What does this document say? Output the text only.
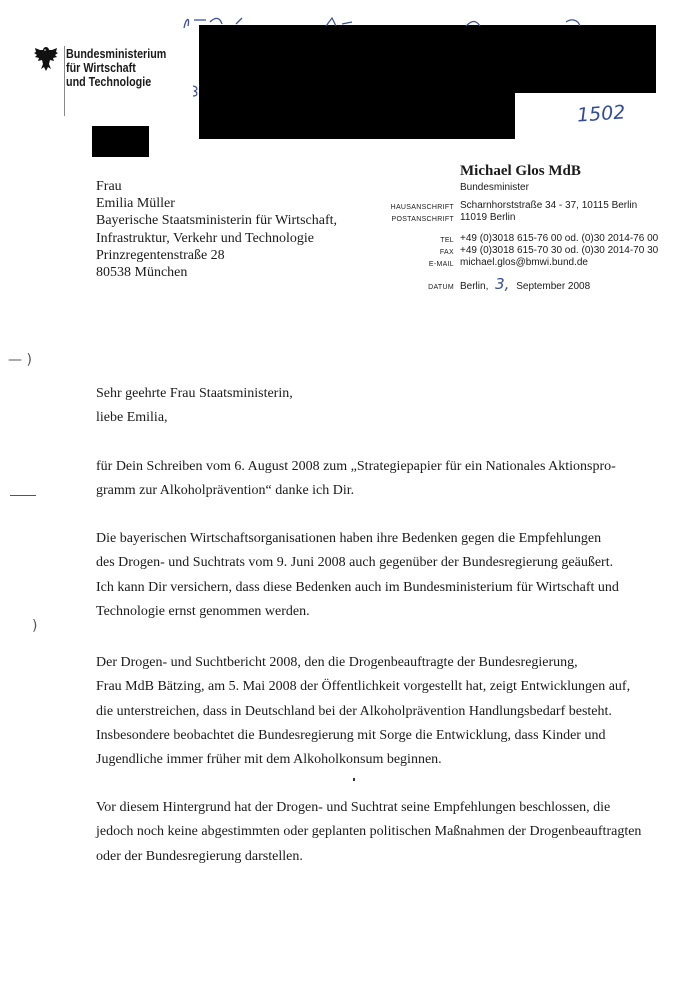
Bundesministerium
für Wirtschaft
und Technologie
1502
Frau
Emilia Müller
Bayerische Staatsministerin für Wirtschaft,
Infrastruktur, Verkehr und Technologie
Prinzregentenstraße 28
80538 München
Michael Glos MdB
Bundesminister
HAUSANSCHRIFT Scharnhorststraße 34 - 37, 10115 Berlin
POSTANSCHRIFT 11019 Berlin
TEL +49 (0)3018 615-76 00 od. (0)30 2014-76 00
FAX +49 (0)3018 615-70 30 od. (0)30 2014-70 30
E-MAIL michael.glos@bmwi.bund.de
DATUM Berlin, 3, September 2008
— )
)

Sehr geehrte Frau Staatsministerin,

liebe Emilia,

für Dein Schreiben vom 6. August 2008 zum „Strategiepapier für ein Nationales Aktionspro-

gramm zur Alkoholprävention“ danke ich Dir.

Die bayerischen Wirtschaftsorganisationen haben ihre Bedenken gegen die Empfehlungen

des Drogen- und Suchtrats vom 9. Juni 2008 auch gegenüber der Bundesregierung geäußert.

Ich kann Dir versichern, dass diese Bedenken auch im Bundesministerium für Wirtschaft und

Technologie ernst genommen werden.

Der Drogen- und Suchtbericht 2008, den die Drogenbeauftragte der Bundesregierung,

Frau MdB Bätzing, am 5. Mai 2008 der Öffentlichkeit vorgestellt hat, zeigt Entwicklungen auf,

die unterstreichen, dass in Deutschland bei der Alkoholprävention Handlungsbedarf besteht.

Insbesondere beobachtet die Bundesregierung mit Sorge die Entwicklung, dass Kinder und

Jugendliche immer früher mit dem Alkoholkonsum beginnen.

Vor diesem Hintergrund hat der Drogen- und Suchtrat seine Empfehlungen beschlossen, die

jedoch noch keine abgestimmten oder geplanten politischen Maßnahmen der Drogenbeauftragten

oder der Bundesregierung darstellen.
